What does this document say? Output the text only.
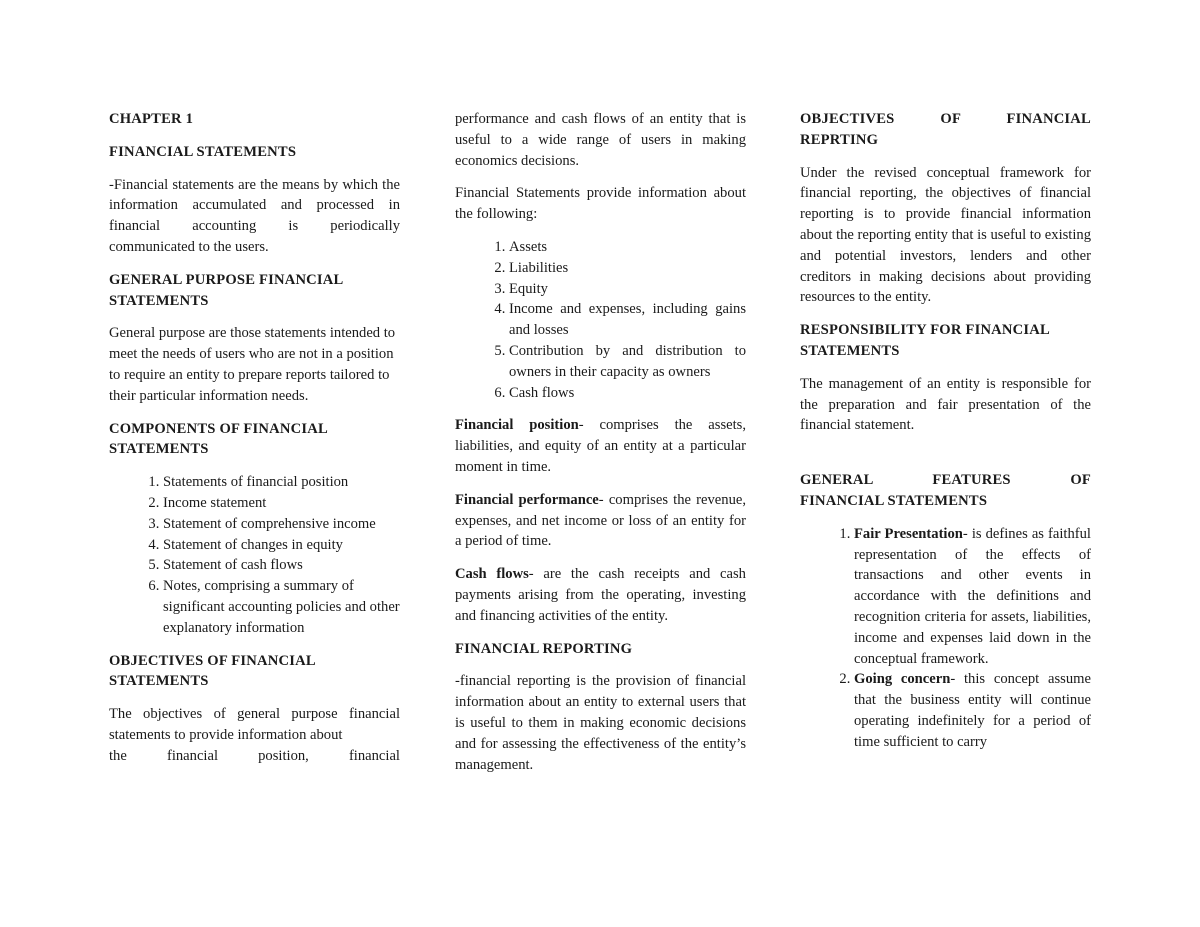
CHAPTER 1
FINANCIAL STATEMENTS

-Financial statements are the means by which the information accumulated and processed in financial accounting is periodically communicated to the users.

GENERAL PURPOSE FINANCIAL STATEMENTS

General purpose are those statements intended to meet the needs of users who are not in a position to require an entity to prepare reports tailored to their particular information needs.

COMPONENTS OF FINANCIAL STATEMENTS
1. Statements of financial position
2. Income statement
3. Statement of comprehensive income
4. Statement of changes in equity
5. Statement of cash flows
6. Notes, comprising a summary of significant accounting policies and other explanatory information
OBJECTIVES OF FINANCIAL STATEMENTS
The objectives of general purpose financial statements to provide information about
the financial position, financial

performance and cash flows of an entity that is useful to a wide range of users in making economics decisions.

Financial Statements provide information about the following:

1. Assets
2. Liabilities
3. Equity
4. Income and expenses, including gains and losses
5. Contribution by and distribution to owners in their capacity as owners
6. Cash flows

Financial position- comprises the assets, liabilities, and equity of an entity at a particular moment in time.

Financial performance- comprises the revenue, expenses, and net income or loss of an entity for a period of time.

Cash flows- are the cash receipts and cash payments arising from the operating, investing and financing activities of the entity.

FINANCIAL REPORTING

-financial reporting is the provision of financial information about an entity to external users that is useful to them in making economic decisions and for assessing the effectiveness of the entity’s management.

OBJECTIVES OF FINANCIAL
REPRTING

Under the revised conceptual framework for financial reporting, the objectives of financial reporting is to provide financial information about the reporting entity that is useful to existing and potential investors, lenders and other creditors in making decisions about providing resources to the entity.

RESPONSIBILITY FOR FINANCIAL STATEMENTS

The management of an entity is responsible for the preparation and fair presentation of the financial statement.

GENERAL FEATURES OF
FINANCIAL STATEMENTS
1. Fair Presentation- is defines as faithful representation of the effects of transactions and other events in accordance with the definitions and recognition criteria for assets, liabilities, income and expenses laid down in the conceptual framework.
2. Going concern- this concept assume that the business entity will continue operating indefinitely for a period of time sufficient to carry
